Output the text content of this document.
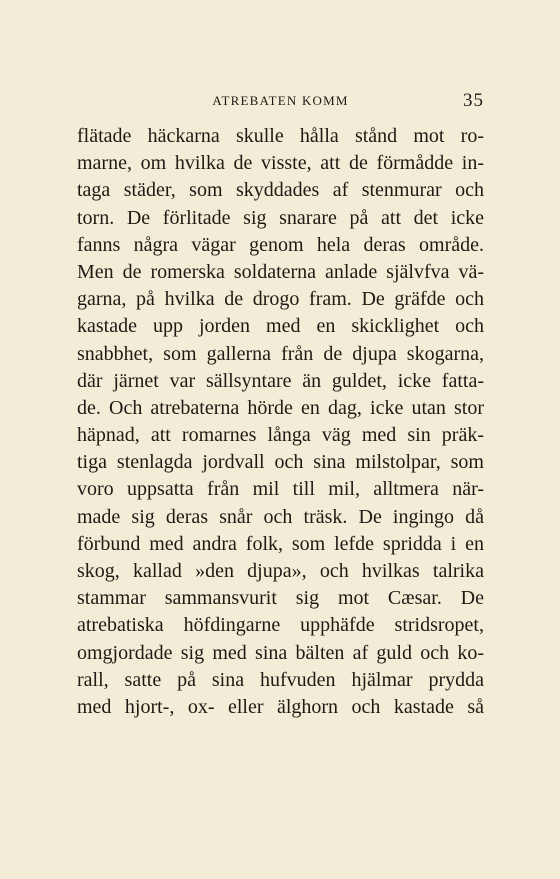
ATREBATEN KOMM	35
flätade häckarna skulle hålla stånd mot ro-
marne, om hvilka de visste, att de förmådde in-
taga städer, som skyddades af stenmurar och
torn. De förlitade sig snarare på att det icke
fanns några vägar genom hela deras område.
Men de romerska soldaterna anlade självfva vä-
garna, på hvilka de drogo fram. De gräfde och
kastade upp jorden med en skicklighet och
snabbhet, som gallerna från de djupa skogarna,
där järnet var sällsyntare än guldet, icke fatta-
de. Och atrebaterna hörde en dag, icke utan stor
häpnad, att romarnes långa väg med sin präk-
tiga stenlagda jordvall och sina milstolpar, som
voro uppsatta från mil till mil, alltmera när-
made sig deras snår och träsk. De ingingo då
förbund med andra folk, som lefde spridda i en
skog, kallad »den djupa», och hvilkas talrika
stammar sammansvurit sig mot Cæsar. De
atrebatiska höfdingarne upphäfde stridsropet,
omgjordade sig med sina bälten af guld och ko-
rall, satte på sina hufvuden hjälmar prydda
med hjort-, ox- eller älghorn och kastade så
